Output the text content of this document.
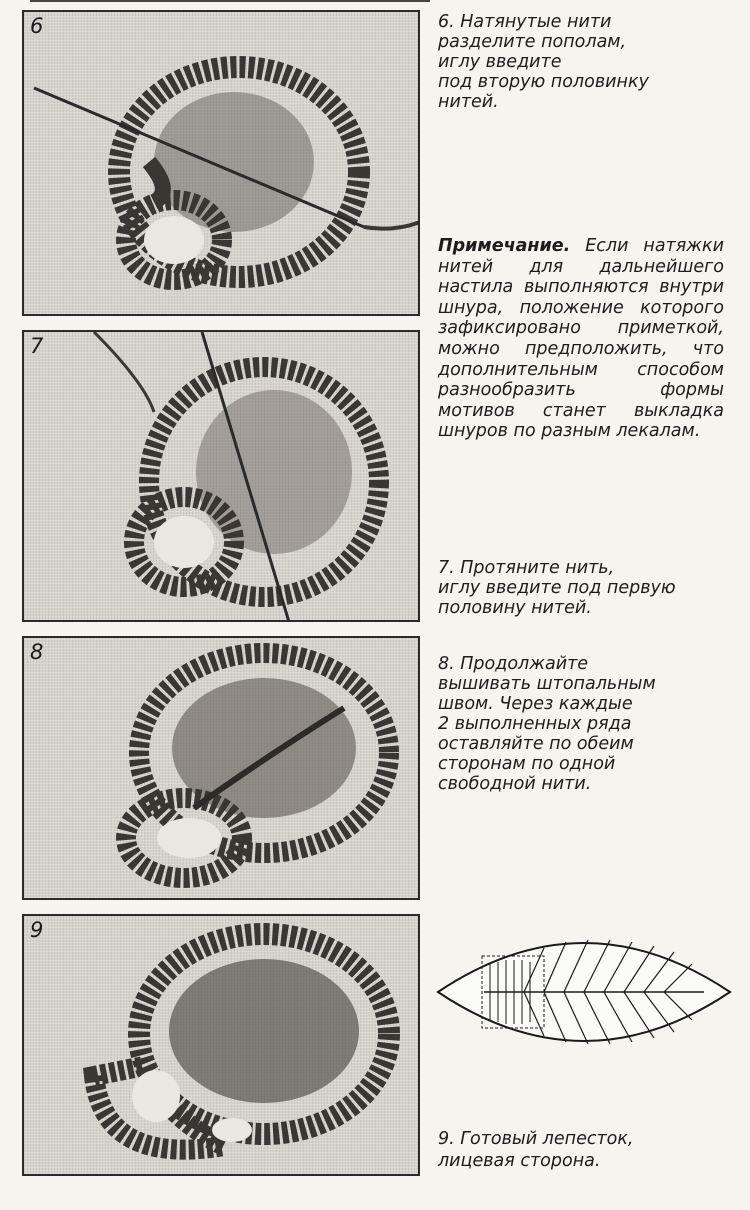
6
7
8
9
6. Натянутые нити
разделите пополам,
иглу введите
под вторую половинку
нитей.
Примечание. Если натяжки нитей для дальнейшего настила выполняются внутри шнура, положение которого зафиксировано приметкой, можно предположить, что дополнительным способом разнообразить формы мотивов станет выкладка шнуров по разным лекалам.
7. Протяните нить,
иглу введите под первую
половину нитей.
8. Продолжайте
вышивать штопальным
швом. Через каждые
2 выполненных ряда
оставляйте по обеим
сторонам по одной
свободной нити.
9. Готовый лепесток,
лицевая сторона.
